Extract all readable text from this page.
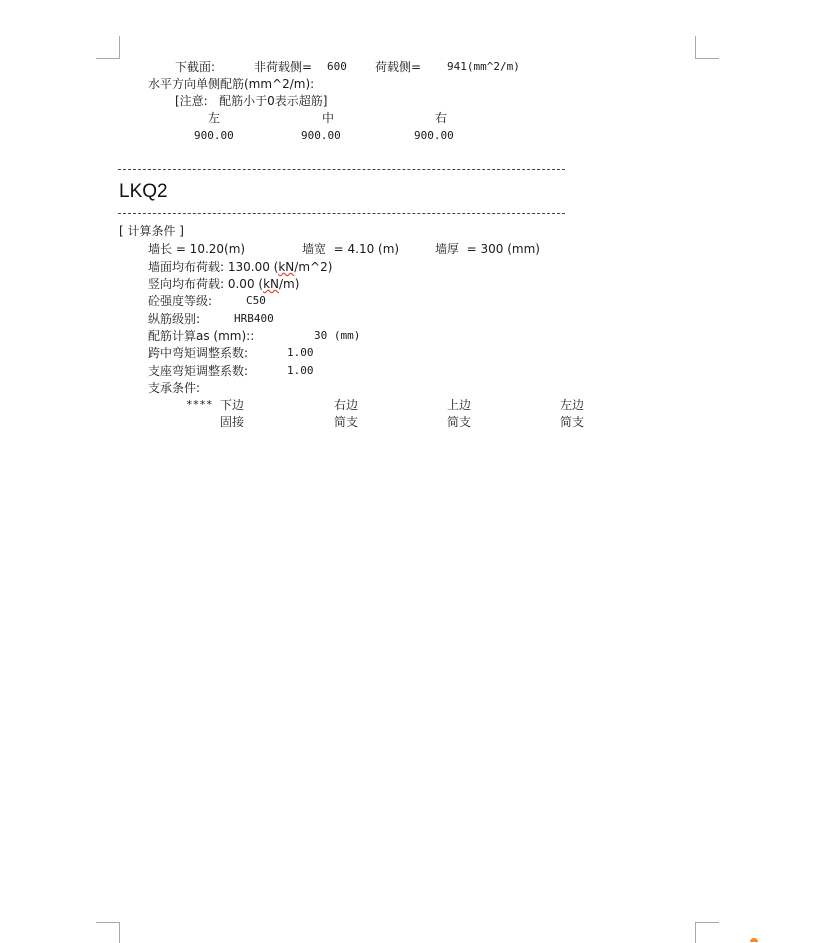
下截面:	非荷载侧= 600 荷载侧= 941(mm^2/m)
水平方向单侧配筋(mm^2/m):
[注意:   配筋小于0表示超筋]
左	中	右
900.00	900.00	900.00
LKQ2
[ 计算条件 ]
墙长 = 10.20(m)	墙宽  = 4.10 (m)	墙厚  = 300 (mm)
墙面均布荷载: 130.00 (kN/m^2)
竖向均布荷载: 0.00 (kN/m)
砼强度等级:	C50
纵筋级别:	HRB400
配筋计算as (mm)::	30 (mm)
跨中弯矩调整系数:	1.00
支座弯矩调整系数:	1.00
支承条件:
**** 下边	右边	上边	左边
固接	简支	简支	简支
